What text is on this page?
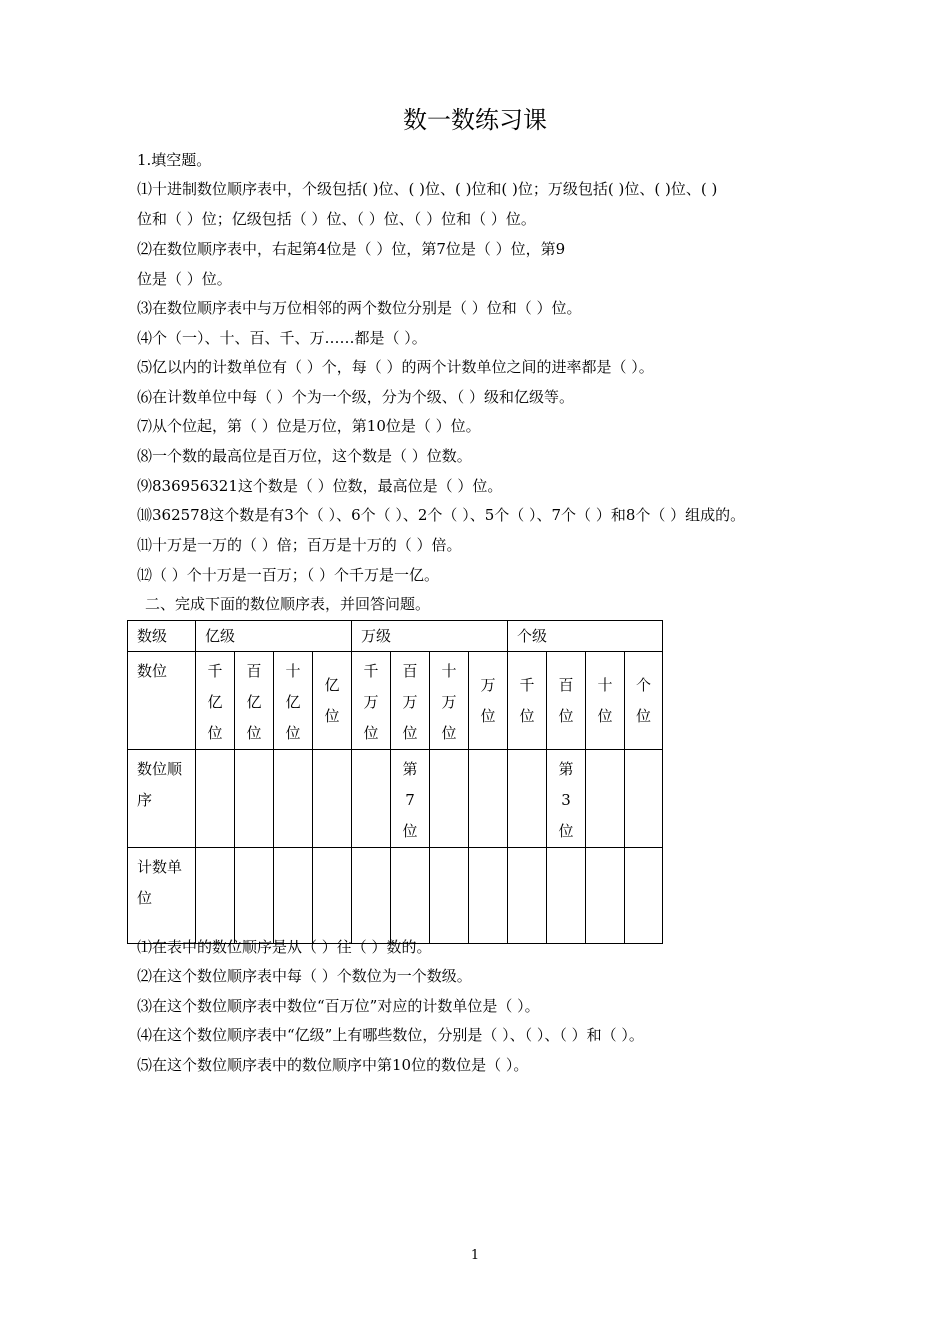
数一数练习课
1.填空题。
⑴十进制数位顺序表中，个级包括( )位、( )位、( )位和( )位；万级包括( )位、( )位、( )
位和（ ）位；亿级包括（ ）位、（ ）位、（ ）位和（ ）位。
⑵在数位顺序表中，右起第4位是（ ）位，第7位是（ ）位，第9
位是（ ）位。
⑶在数位顺序表中与万位相邻的两个数位分别是（ ）位和（ ）位。
⑷个（一）、十、百、千、万……都是（ ）。
⑸亿以内的计数单位有（ ）个，每（ ）的两个计数单位之间的进率都是（ ）。
⑹在计数单位中每（ ）个为一个级，分为个级、（ ）级和亿级等。
⑺从个位起，第（ ）位是万位，第10位是（ ）位。
⑻一个数的最高位是百万位，这个数是（ ）位数。
⑼836956321这个数是（ ）位数，最高位是（ ）位。
⑽362578这个数是有3个（ ）、6个（ ）、2个（ ）、5个（ ）、7个（ ）和8个（ ）组成的。
⑾十万是一万的（ ）倍；百万是十万的（ ）倍。
⑿（ ）个十万是一百万；（ ）个千万是一亿。
二、完成下面的数位顺序表，并回答问题。
数级	亿级				万级				个级			
数位	千亿位	百亿位	十亿位	亿位	千万位	百万位	十万位	万位	千位	百位	十位	个位
数位顺序						第7位				第3位		
计数单位												
⑴在表中的数位顺序是从（ ）往（ ）数的。
⑵在这个数位顺序表中每（ ）个数位为一个数级。
⑶在这个数位顺序表中数位“百万位”对应的计数单位是（ ）。
⑷在这个数位顺序表中“亿级”上有哪些数位，分别是（ ）、（ ）、（ ）和（ ）。
⑸在这个数位顺序表中的数位顺序中第10位的数位是（ ）。
1
